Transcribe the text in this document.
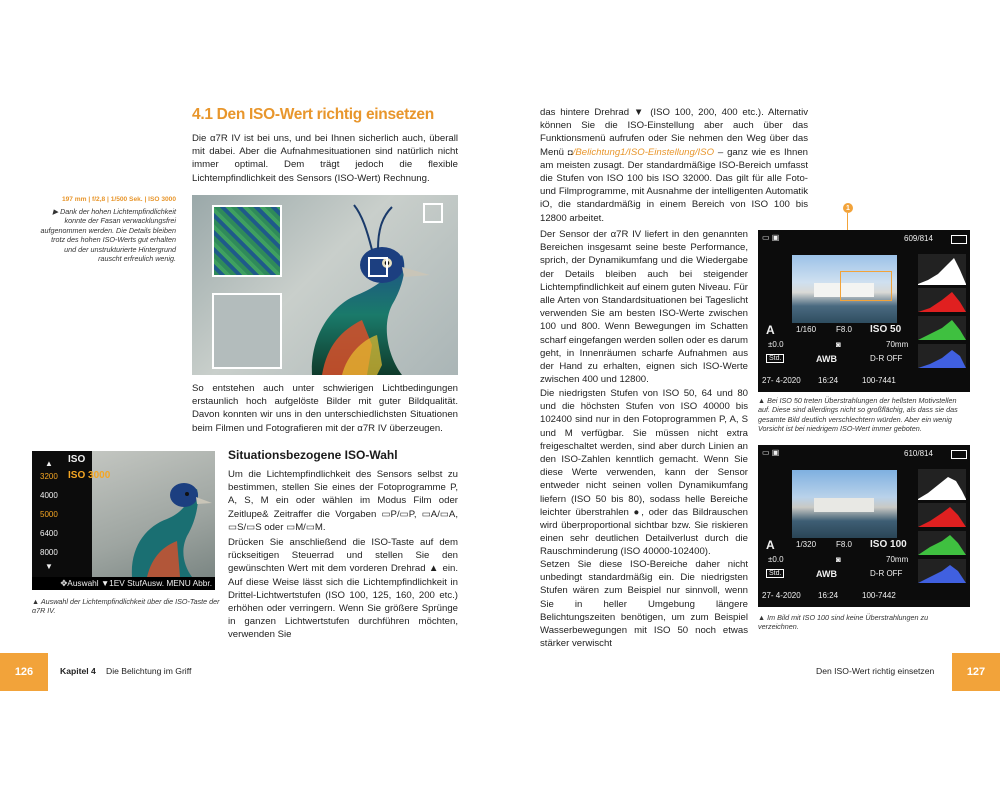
4.1 Den ISO-Wert richtig einsetzen
Die α7R IV ist bei uns, und bei Ihnen sicherlich auch, überall mit dabei. Aber die Aufnahmesituationen sind natürlich nicht immer optimal. Dem trägt jedoch die flexible Lichtempfindlichkeit des Sensors (ISO-Wert) Rechnung.
197 mm | f/2,8 | 1/500 Sek. | ISO 3000
▶ Dank der hohen Lichtempfindlichkeit konnte der Fasan verwacklungsfrei aufgenommen werden. Die Details bleiben trotz des hohen ISO-Werts gut erhalten und der unstrukturierte Hintergrund rauscht erfreulich wenig.
So entstehen auch unter schwierigen Lichtbedingungen erstaunlich hoch aufgelöste Bilder mit guter Bildqualität. Davon konnten wir uns in den unterschiedlichsten Situationen beim Filmen und Fotografieren mit der α7R IV überzeugen.
Situationsbezogene ISO-Wahl
Um die Lichtempfindlichkeit des Sensors selbst zu bestimmen, stellen Sie eines der Fotoprogramme P, A, S, M ein oder wählen im Modus Film oder Zeitlupe& Zeitraffer die Vorgaben ▭P/▭P, ▭A/▭A, ▭S/▭S oder ▭M/▭M.
Drücken Sie anschließend die ISO-Taste auf dem rückseitigen Steuerrad und stellen Sie den gewünschten Wert mit dem vorderen Drehrad ▲ ein. Auf diese Weise lässt sich die Lichtempfindlichkeit in Drittel-Lichtwertstufen (ISO 100, 125, 160, 200 etc.) erhöhen oder verringern. Wenn Sie größere Sprünge in ganzen Lichtwertstufen durchführen möchten, verwenden Sie
ISO
ISO 3000
▲
3200
4000
5000
6400
8000
▼
✥Auswahl ▼1EV StufAusw. MENU Abbr.
▲ Auswahl der Lichtempfindlichkeit über die ISO-Taste der α7R IV.
126	Kapitel 4 Die Belichtung im Griff
das hintere Drehrad ▼ (ISO 100, 200, 400 etc.). Alternativ können Sie die ISO-Einstellung aber auch über das Funktionsmenü aufrufen oder Sie nehmen den Weg über das Menü ◘/Belichtung1/ISO-Einstellung/ISO – ganz wie es Ihnen am meisten zusagt. Der standardmäßige ISO-Bereich umfasst die Stufen von ISO 100 bis ISO 32000. Das gilt für alle Foto- und Filmprogramme, mit Ausnahme der intelligenten Automatik iO, die standardmäßig in einem Bereich von ISO 100 bis 12800 arbeitet.
Der Sensor der α7R IV liefert in den genannten Bereichen insgesamt seine beste Performance, sprich, der Dynamikumfang und die Wiedergabe der Details bleiben auch bei steigender Lichtempfindlichkeit auf einem guten Niveau. Für alle Arten von Standardsituationen bei Tageslicht verwenden Sie am besten ISO-Werte zwischen 100 und 800. Wenn Bewegungen im Schatten scharf eingefangen werden sollen oder es darum geht, in Innenräumen scharfe Aufnahmen aus der Hand zu erhalten, eignen sich ISO-Werte zwischen 400 und 12800.
Die niedrigsten Stufen von ISO 50, 64 und 80 und die höchsten Stufen von ISO 40000 bis 102400 sind nur in den Fotoprogrammen P, A, S und M verfügbar. Sie müssen nicht extra freigeschaltet werden, sind aber durch Linien an den ISO-Zahlen kenntlich gemacht. Wenn Sie diese Werte verwenden, kann der Sensor entweder nicht seinen vollen Dynamikumfang liefern (ISO 50 bis 80), sodass helle Bereiche leichter überstrahlen ●, oder das Bildrauschen wird überproportional sichtbar bzw. Sie riskieren einen sehr deutlichen Detailverlust durch die Rauschminderung (ISO 40000-102400).
Setzen Sie diese ISO-Bereiche daher nicht unbedingt standardmäßig ein. Die niedrigsten Stufen wären zum Beispiel nur sinnvoll, wenn Sie in heller Umgebung längere Belichtungszeiten benötigen, um zum Beispiel Wasserbewegungen mit ISO 50 noch etwas stärker verwischt
1
▭ ▣	609/814
A	1/160 F8.0 ISO 50
±0.0	◙	70mm
Std.	AWB	D-R OFF
27- 4-2020 16:24	100-7441
▲ Bei ISO 50 treten Überstrahlungen der hellsten Motivstellen auf. Diese sind allerdings nicht so großflächig, als dass sie das gesamte Bild deutlich verschlechtern würden. Aber ein wenig Vorsicht ist bei niedrigem ISO-Wert immer geboten.
▭ ▣	610/814
A	1/320 F8.0 ISO 100
±0.0	◙	70mm
Std.	AWB	D-R OFF
27- 4-2020 16:24	100-7442
▲ Im Bild mit ISO 100 sind keine Überstrahlungen zu verzeichnen.
Den ISO-Wert richtig einsetzen	127
